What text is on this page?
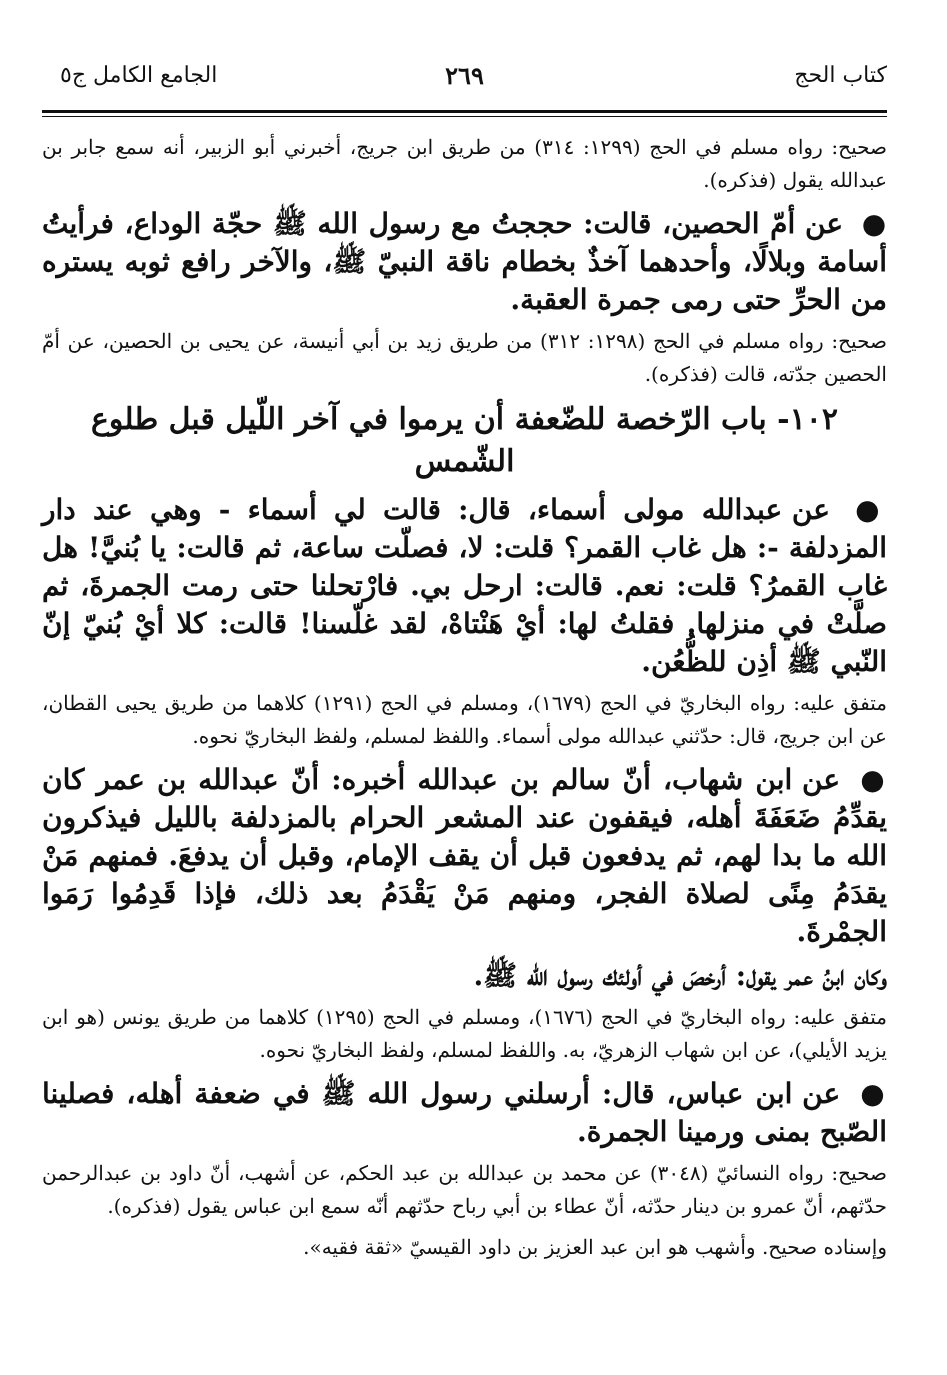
كتاب الحج
٢٦٩
الجامع الكامل ج٥

صحيح: رواه مسلم في الحج (١٢٩٩: ٣١٤) من طريق ابن جريج، أخبرني أبو الزبير، أنه سمع جابر بن عبدالله يقول (فذكره).

● عن أمّ الحصين، قالت: حججتُ مع رسول الله ﷺ حجّة الوداع، فرأيتُ أسامة وبلالًا، وأحدهما آخذٌ بخطام ناقة النبيّ ﷺ، والآخر رافع ثوبه يستره من الحرِّ حتى رمى جمرة العقبة.

صحيح: رواه مسلم في الحج (١٢٩٨: ٣١٢) من طريق زيد بن أبي أنيسة، عن يحيى بن الحصين، عن أمّ الحصين جدّته، قالت (فذكره).

١٠٢- باب الرّخصة للضّعفة أن يرموا في آخر اللّيل قبل طلوع الشّمس

● عن عبدالله مولى أسماء، قال: قالت لي أسماء - وهي عند دار المزدلفة -: هل غاب القمر؟ قلت: لا، فصلّت ساعة، ثم قالت: يا بُنيَّ! هل غاب القمرُ؟ قلت: نعم. قالت: ارحل بي. فارْتحلنا حتى رمت الجمرةَ، ثم صلَّتْ في منزلها. فقلتُ لها: أيْ هَنْتاهْ، لقد غلّسنا! قالت: كلا أيْ بُنيّ إنّ النّبي ﷺ أذِن للظُّعُن.

متفق عليه: رواه البخاريّ في الحج (١٦٧٩)، ومسلم في الحج (١٢٩١) كلاهما من طريق يحيى القطان، عن ابن جريج، قال: حدّثني عبدالله مولى أسماء. واللفظ لمسلم، ولفظ البخاريّ نحوه.

● عن ابن شهاب، أنّ سالم بن عبدالله أخبره: أنّ عبدالله بن عمر كان يقدِّمُ ضَعَفَةَ أهله، فيقفون عند المشعر الحرام بالمزدلفة بالليل فيذكرون الله ما بدا لهم، ثم يدفعون قبل أن يقف الإمام، وقبل أن يدفعَ. فمنهم مَنْ يقدَمُ مِنًى لصلاة الفجر، ومنهم مَنْ يَقْدَمُ بعد ذلك، فإذا قَدِمُوا رَمَوا الجمْرةَ.

وكان ابنُ عمر يقول: أرخصَ في أولئك رسول الله ﷺ.

متفق عليه: رواه البخاريّ في الحج (١٦٧٦)، ومسلم في الحج (١٢٩٥) كلاهما من طريق يونس (هو ابن يزيد الأيلي)، عن ابن شهاب الزهريّ، به. واللفظ لمسلم، ولفظ البخاريّ نحوه.

● عن ابن عباس، قال: أرسلني رسول الله ﷺ في ضعفة أهله، فصلينا الصّبح بمنى ورمينا الجمرة.

صحيح: رواه النسائيّ (٣٠٤٨) عن محمد بن عبدالله بن عبد الحكم، عن أشهب، أنّ داود بن عبدالرحمن حدّثهم، أنّ عمرو بن دينار حدّثه، أنّ عطاء بن أبي رباح حدّثهم أنّه سمع ابن عباس يقول (فذكره).

وإسناده صحيح. وأشهب هو ابن عبد العزيز بن داود القيسيّ «ثقة فقيه».
